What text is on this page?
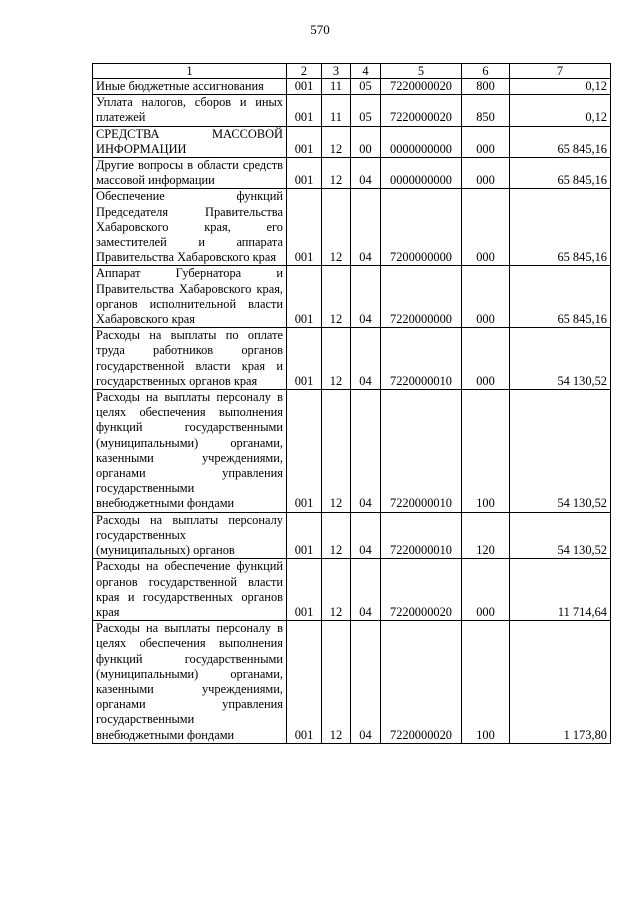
570
1	2	3	4	5	6	7

Иные бюджетные ассигнования	001	11	05	7220000020	800	0,12

Уплата налогов, сборов и иных платежей	001	11	05	7220000020	850	0,12

СРЕДСТВА МАССОВОЙ ИНФОРМАЦИИ	001	12	00	0000000000	000	65 845,16

Другие вопросы в области средств массовой информации	001	12	04	0000000000	000	65 845,16

Обеспечение функций Председателя Правительства Хабаровского края, его заместителей и аппарата Правительства Хабаровского края	001	12	04	7200000000	000	65 845,16

Аппарат Губернатора и Правительства Хабаровского края, органов исполнительной власти Хабаровского края	001	12	04	7220000000	000	65 845,16

Расходы на выплаты по оплате труда работников органов государственной власти края и государственных органов края	001	12	04	7220000010	000	54 130,52

Расходы на выплаты персоналу в целях обеспечения выполнения функций государственными (муниципальными) органами, казенными учреждениями, органами управления государственными внебюджетными фондами	001	12	04	7220000010	100	54 130,52

Расходы на выплаты персоналу государственных (муниципальных) органов	001	12	04	7220000010	120	54 130,52

Расходы на обеспечение функций органов государственной власти края и государственных органов края	001	12	04	7220000020	000	11 714,64

Расходы на выплаты персоналу в целях обеспечения выполнения функций государственными (муниципальными) органами, казенными учреждениями, органами управления государственными внебюджетными фондами	001	12	04	7220000020	100	1 173,80
